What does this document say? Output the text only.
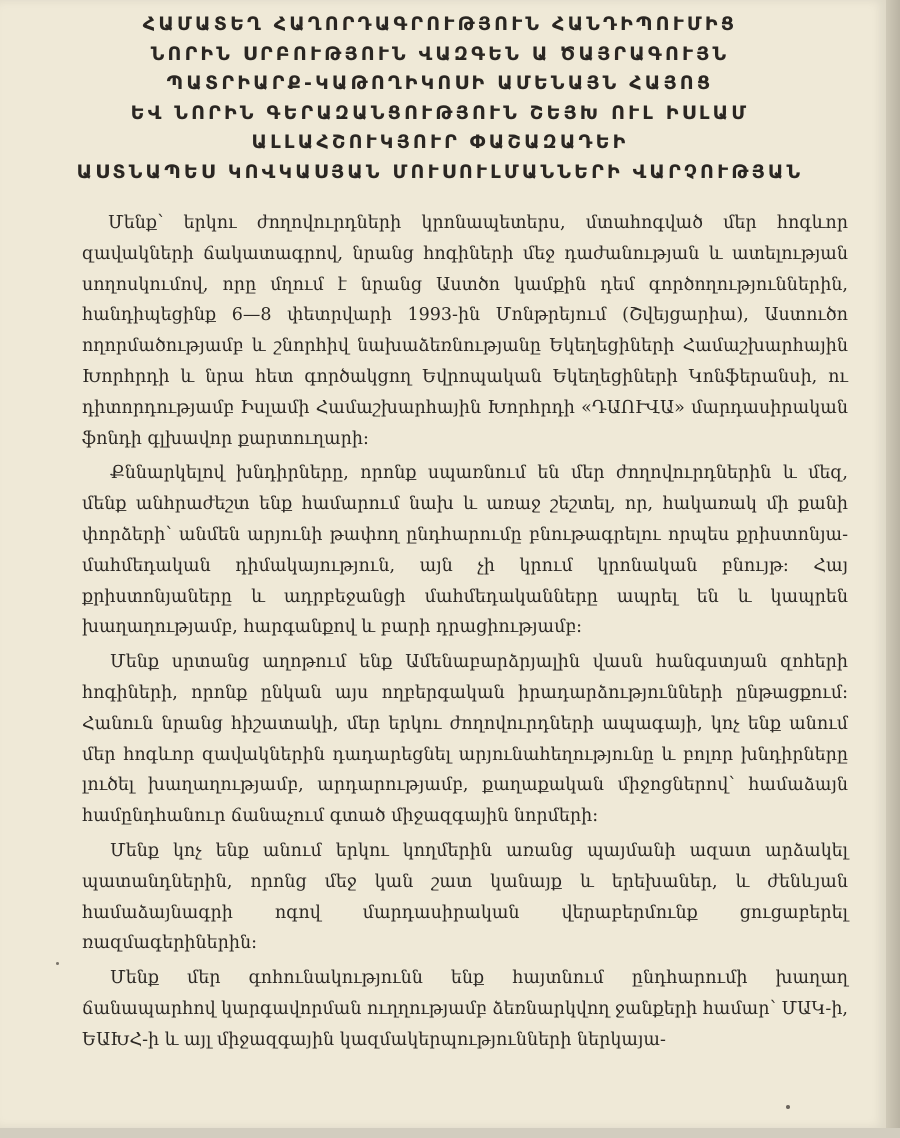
ՀԱՄԱՏԵՂ ՀԱՂՈՐԴԱԳՐՈՒԹՅՈՒՆ ՀԱՆԴԻՊՈՒՄԻՑ
ՆՈՐԻՆ ՍՐԲՈՒԹՅՈՒՆ ՎԱԶԳԵՆ Ա ԾԱՅՐԱԳՈՒՅՆ
ՊԱՏՐԻԱՐՔ-ԿԱԹՈՂԻԿՈՍԻ ԱՄԵՆԱՅՆ ՀԱՅՈՑ
ԵՎ ՆՈՐԻՆ ԳԵՐԱԶԱՆՑՈՒԹՅՈՒՆ ՇԵՅԽ ՈՒԼ ԻՍԼԱՄ
ԱԼԼԱՀՇՈՒԿՅՈՒՐ ՓԱՇԱԶԱԴԵԻ
ԱՍՏՆԱՊԵՍ ԿՈՎԿԱՍՅԱՆ ՄՈՒՍՈՒԼՄԱՆՆԵՐԻ ՎԱՐՉՈՒԹՅԱՆ

Մենք՝ երկու ժողովուրդների կրոնապետերս, մտահոգված մեր հոգևոր զավակների ճակատագրով, նրանց հոգիների մեջ դաժանության և ատելության սողոսկումով, որը մղում է նրանց Աստծո կամքին դեմ գործողություններին, հանդիպեցինք 6—8 փետրվարի 1993-ին Մոնթրեյում (Շվեյցարիա), Աստուծո ողորմածությամբ և շնորհիվ նախաձեռնությանը Եկեղեցիների Համաշխարհային Խորհրդի և նրա հետ գործակցող Եվրոպական Եկեղեցիների Կոնֆերանսի, ու դիտորդությամբ Իսլամի Համաշխարհային Խորհրդի «ԴԱՈՒՎԱ» մարդասիրական ֆոնդի գլխավոր քարտուղարի:

Քննարկելով խնդիրները, որոնք սպառնում են մեր ժողովուրդներին և մեզ, մենք անհրաժեշտ ենք համարում նախ և առաջ շեշտել, որ, հակառակ մի քանի փորձերի՝ անմեն արյունի թափող ընդհարումը բնութագրելու որպես քրիստոնյա-մահմեդական դիմակայություն, այն չի կրում կրոնական բնույթ: Հայ քրիստոնյաները և ադրբեջանցի մահմեդականները ապրել են և կապրեն խաղաղությամբ, հարգանքով և բարի դրացիությամբ:

Մենք սրտանց աղոթում ենք Ամենաբարձրյալին վասն հանգստյան զոհերի հոգիների, որոնք ընկան այս ողբերգական իրադարձությունների ընթացքում: Հանուն նրանց հիշատակի, մեր երկու ժողովուրդների ապագայի, կոչ ենք անում մեր հոգևոր զավակներին դադարեցնել արյունահեղությունը և բոլոր խնդիրները լուծել խաղաղությամբ, արդարությամբ, քաղաքական միջոցներով՝ համաձայն համընդհանուր ճանաչում գտած միջազգային նորմերի:

Մենք կոչ ենք անում երկու կողմերին առանց պայմանի ազատ արձակել պատանդներին, որոնց մեջ կան շատ կանայք և երեխաներ, և ժենևյան համաձայնագրի ոգով մարդասիրական վերաբերմունք ցուցաբերել ռազմագերիներին:

Մենք մեր գոհունակությունն ենք հայտնում ընդհարումի խաղաղ ճանապարհով կարգավորման ուղղությամբ ձեռնարկվող ջանքերի համար՝ ՄԱԿ-ի, ԵԱԽՀ-ի և այլ միջազգային կազմակերպությունների ներկայա-
